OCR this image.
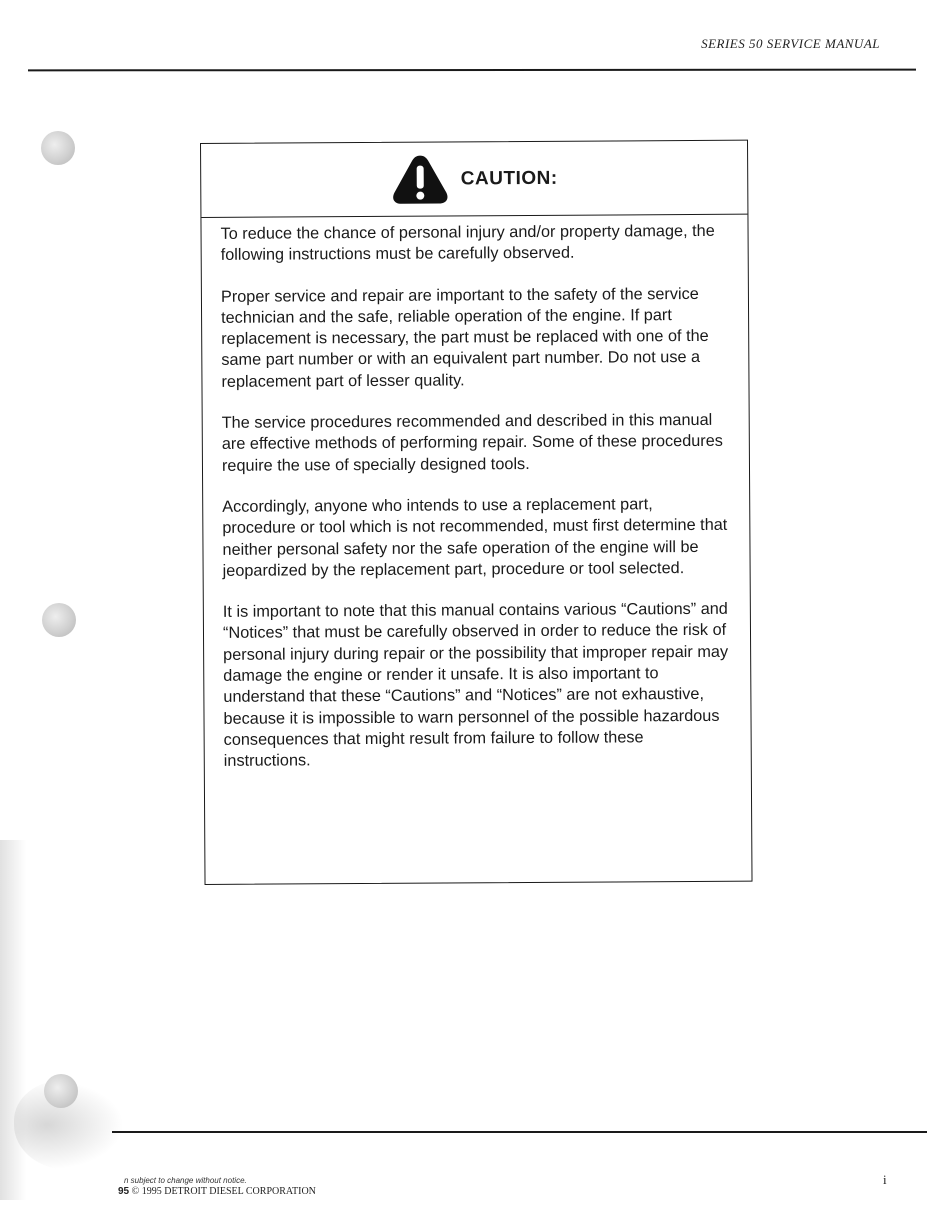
SERIES 50 SERVICE MANUAL
CAUTION:

To reduce the chance of personal injury and/or property damage, the following instructions must be carefully observed.

Proper service and repair are important to the safety of the service technician and the safe, reliable operation of the engine. If part replacement is necessary, the part must be replaced with one of the same part number or with an equivalent part number. Do not use a replacement part of lesser quality.

The service procedures recommended and described in this manual are effective methods of performing repair. Some of these procedures require the use of specially designed tools.

Accordingly, anyone who intends to use a replacement part, procedure or tool which is not recommended, must first determine that neither personal safety nor the safe operation of the engine will be jeopardized by the replacement part, procedure or tool selected.

It is important to note that this manual contains various “Cautions” and “Notices” that must be carefully observed in order to reduce the risk of personal injury during repair or the possibility that improper repair may damage the engine or render it unsafe. It is also important to understand that these “Cautions” and “Notices” are not exhaustive, because it is impossible to warn personnel of the possible hazardous consequences that might result from failure to follow these instructions.

n subject to change without notice.
95 © 1995 DETROIT DIESEL CORPORATION
i
